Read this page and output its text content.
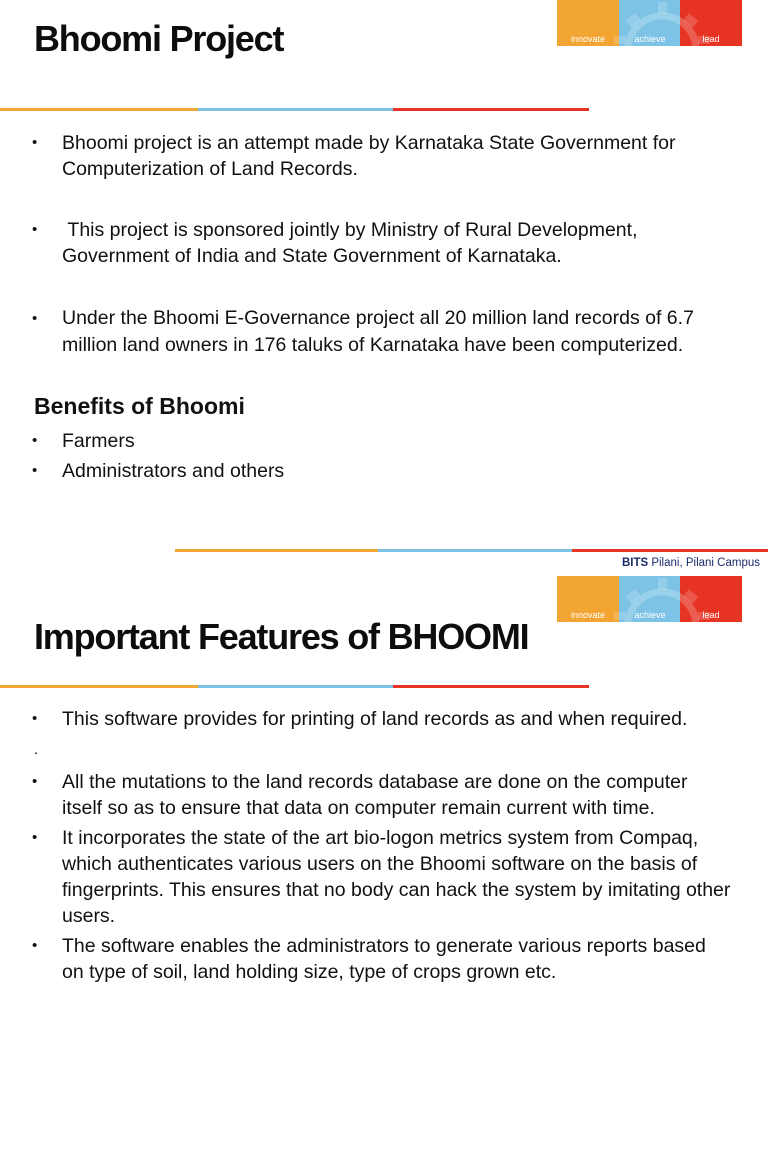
Bhoomi Project	innovate	achieve	lead
• Bhoomi project is an attempt made by Karnataka State Government for Computerization of Land Records.
• This project is sponsored jointly by Ministry of Rural Development, Government of India and State Government of Karnataka.
• Under the Bhoomi E-Governance project all 20 million land records of 6.7 million land owners in 176 taluks of Karnataka have been computerized.
Benefits of Bhoomi
• Farmers
• Administrators and others
BITS Pilani, Pilani Campus
innovate	achieve	lead
Important Features of BHOOMI
• This software provides for printing of land records as and when required.
.
• All the mutations to the land records database are done on the computer itself so as to ensure that data on computer remain current with time.
• It incorporates the state of the art bio-logon metrics system from Compaq, which authenticates various users on the Bhoomi software on the basis of fingerprints. This ensures that no body can hack the system by imitating other users.
• The software enables the administrators to generate various reports based on type of soil, land holding size, type of crops grown etc.
